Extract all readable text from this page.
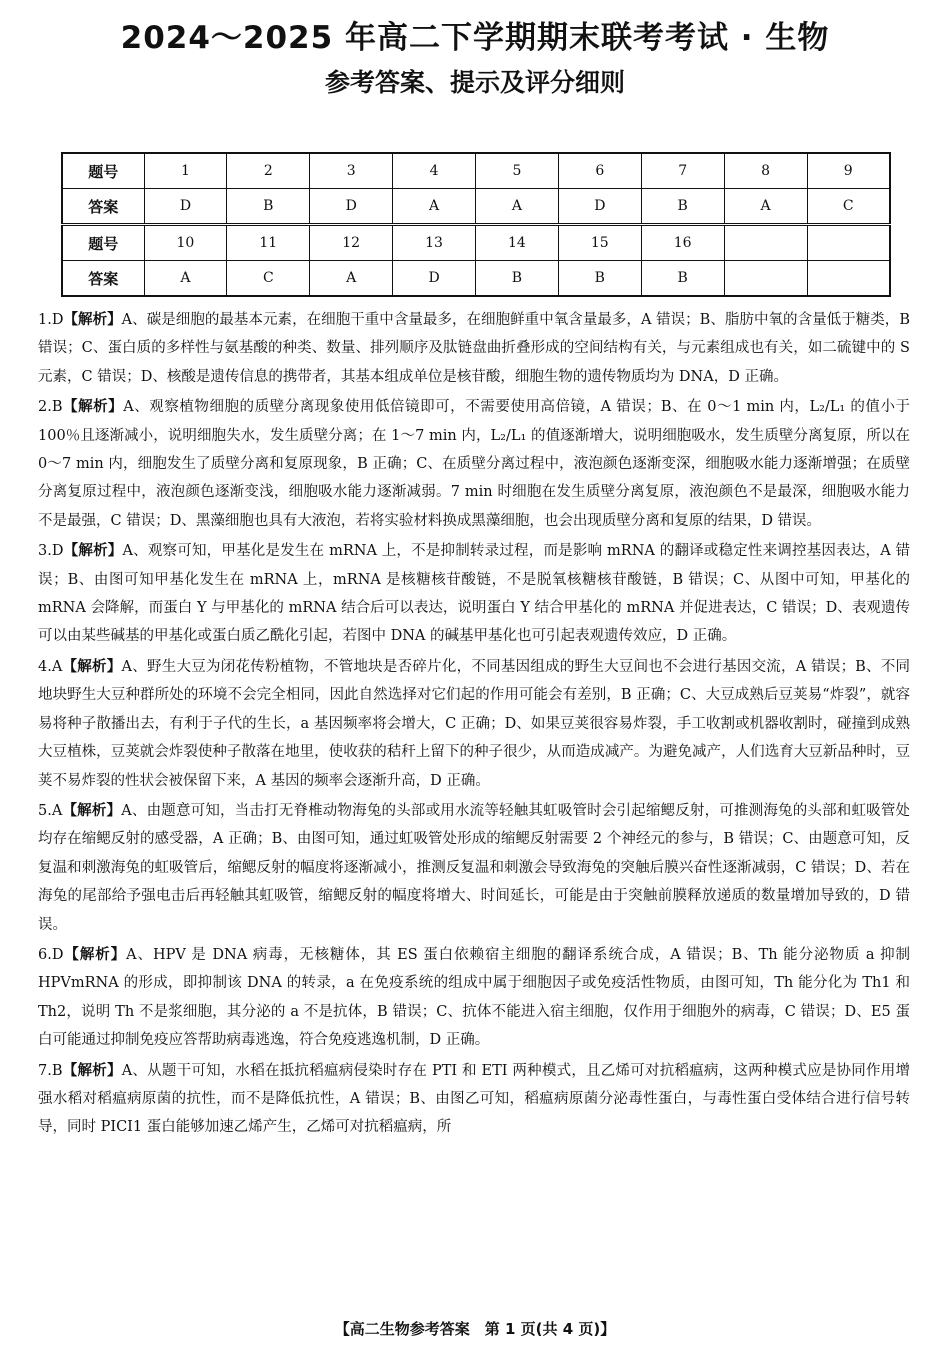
2024～2025 年高二下学期期末联考考试 · 生物
参考答案、提示及评分细则
题号	1	2	3	4	5	6	7	8	9
答案	D	B	D	A	A	D	B	A	C
题号	10	11	12	13	14	15	16		
答案	A	C	A	D	B	B	B		
1.D【解析】A、碳是细胞的最基本元素，在细胞干重中含量最多，在细胞鲜重中氧含量最多，A 错误；B、脂肪中氧的含量低于糖类，B 错误；C、蛋白质的多样性与氨基酸的种类、数量、排列顺序及肽链盘曲折叠形成的空间结构有关，与元素组成也有关，如二硫键中的 S 元素，C 错误；D、核酸是遗传信息的携带者，其基本组成单位是核苷酸，细胞生物的遗传物质均为 DNA，D 正确。
2.B【解析】A、观察植物细胞的质壁分离现象使用低倍镜即可，不需要使用高倍镜，A 错误；B、在 0～1 min 内，L₂/L₁ 的值小于 100％且逐渐减小，说明细胞失水，发生质壁分离；在 1～7 min 内，L₂/L₁ 的值逐渐增大，说明细胞吸水，发生质壁分离复原，所以在 0～7 min 内，细胞发生了质壁分离和复原现象，B 正确；C、在质壁分离过程中，液泡颜色逐渐变深，细胞吸水能力逐渐增强；在质壁分离复原过程中，液泡颜色逐渐变浅，细胞吸水能力逐渐减弱。7 min 时细胞在发生质壁分离复原，液泡颜色不是最深，细胞吸水能力不是最强，C 错误；D、黑藻细胞也具有大液泡，若将实验材料换成黑藻细胞，也会出现质壁分离和复原的结果，D 错误。
3.D【解析】A、观察可知，甲基化是发生在 mRNA 上，不是抑制转录过程，而是影响 mRNA 的翻译或稳定性来调控基因表达，A 错误；B、由图可知甲基化发生在 mRNA 上，mRNA 是核糖核苷酸链，不是脱氧核糖核苷酸链，B 错误；C、从图中可知，甲基化的 mRNA 会降解，而蛋白 Y 与甲基化的 mRNA 结合后可以表达，说明蛋白 Y 结合甲基化的 mRNA 并促进表达，C 错误；D、表观遗传可以由某些碱基的甲基化或蛋白质乙酰化引起，若图中 DNA 的碱基甲基化也可引起表观遗传效应，D 正确。
4.A【解析】A、野生大豆为闭花传粉植物，不管地块是否碎片化，不同基因组成的野生大豆间也不会进行基因交流，A 错误；B、不同地块野生大豆种群所处的环境不会完全相同，因此自然选择对它们起的作用可能会有差别，B 正确；C、大豆成熟后豆荚易“炸裂”，就容易将种子散播出去，有利于子代的生长，a 基因频率将会增大，C 正确；D、如果豆荚很容易炸裂，手工收割或机器收割时，碰撞到成熟大豆植株，豆荚就会炸裂使种子散落在地里，使收获的秸秆上留下的种子很少，从而造成减产。为避免减产，人们选育大豆新品种时，豆荚不易炸裂的性状会被保留下来，A 基因的频率会逐渐升高，D 正确。
5.A【解析】A、由题意可知，当击打无脊椎动物海兔的头部或用水流等轻触其虹吸管时会引起缩鳃反射，可推测海兔的头部和虹吸管处均存在缩鳃反射的感受器，A 正确；B、由图可知，通过虹吸管处形成的缩鳃反射需要 2 个神经元的参与，B 错误；C、由题意可知，反复温和刺激海兔的虹吸管后，缩鳃反射的幅度将逐渐减小，推测反复温和刺激会导致海兔的突触后膜兴奋性逐渐减弱，C 错误；D、若在海兔的尾部给予强电击后再轻触其虹吸管，缩鳃反射的幅度将增大、时间延长，可能是由于突触前膜释放递质的数量增加导致的，D 错误。
6.D【解析】A、HPV 是 DNA 病毒，无核糖体，其 ES 蛋白依赖宿主细胞的翻译系统合成，A 错误；B、Th 能分泌物质 a 抑制 HPVmRNA 的形成，即抑制该 DNA 的转录，a 在免疫系统的组成中属于细胞因子或免疫活性物质，由图可知，Th 能分化为 Th1 和 Th2，说明 Th 不是浆细胞，其分泌的 a 不是抗体，B 错误；C、抗体不能进入宿主细胞，仅作用于细胞外的病毒，C 错误；D、E5 蛋白可能通过抑制免疫应答帮助病毒逃逸，符合免疫逃逸机制，D 正确。
7.B【解析】A、从题干可知，水稻在抵抗稻瘟病侵染时存在 PTI 和 ETI 两种模式，且乙烯可对抗稻瘟病，这两种模式应是协同作用增强水稻对稻瘟病原菌的抗性，而不是降低抗性，A 错误；B、由图乙可知，稻瘟病原菌分泌毒性蛋白，与毒性蛋白受体结合进行信号转导，同时 PICI1 蛋白能够加速乙烯产生，乙烯可对抗稻瘟病，所
【高二生物参考答案　第 1 页(共 4 页)】
